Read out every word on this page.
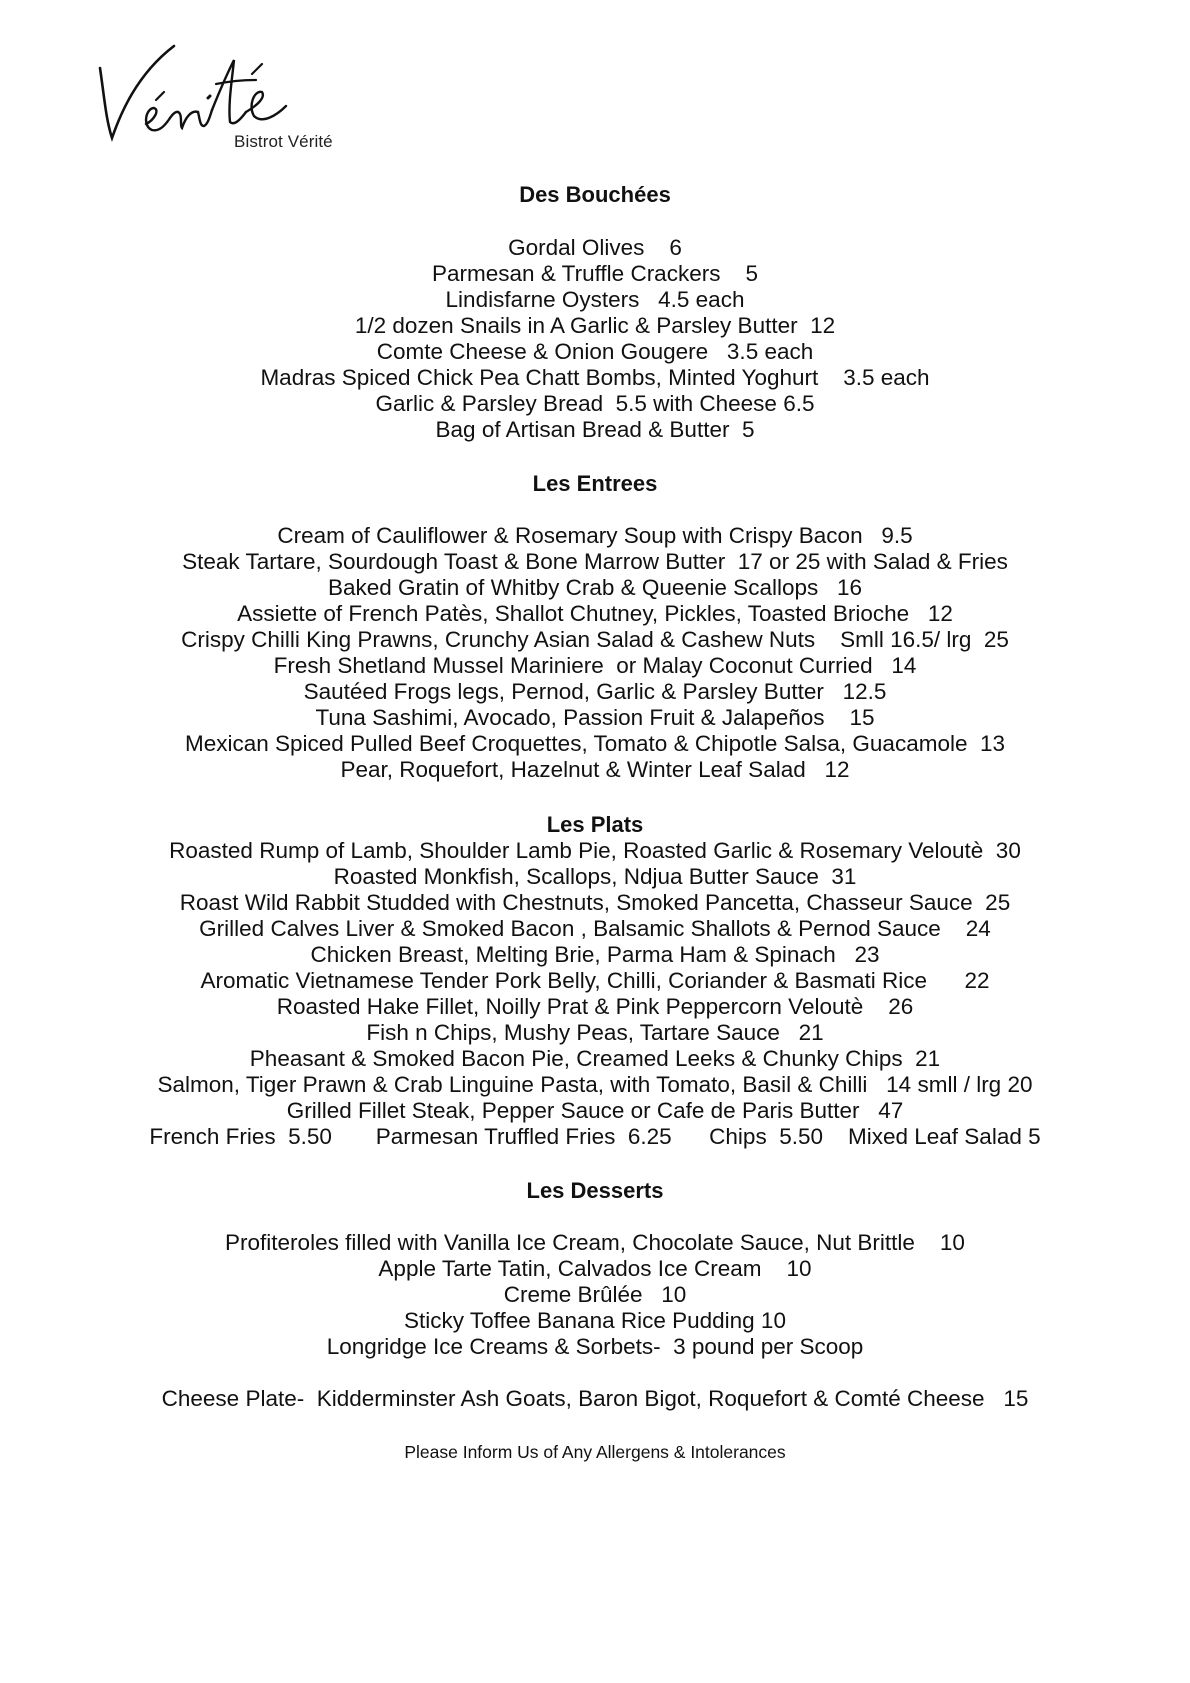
Bistrot Vérité
Des Bouchées
Gordal Olives    6
Parmesan & Truffle Crackers    5
Lindisfarne Oysters   4.5 each
1/2 dozen Snails in A Garlic & Parsley Butter  12
Comte Cheese & Onion Gougere   3.5 each
Madras Spiced Chick Pea Chatt Bombs, Minted Yoghurt    3.5 each
Garlic & Parsley Bread  5.5 with Cheese 6.5
Bag of Artisan Bread & Butter  5
Les Entrees
Cream of Cauliflower & Rosemary Soup with Crispy Bacon   9.5
Steak Tartare, Sourdough Toast & Bone Marrow Butter  17 or 25 with Salad & Fries
Baked Gratin of Whitby Crab & Queenie Scallops   16
Assiette of French Patès, Shallot Chutney, Pickles, Toasted Brioche   12
Crispy Chilli King Prawns, Crunchy Asian Salad & Cashew Nuts    Smll 16.5/ lrg  25
Fresh Shetland Mussel Mariniere  or Malay Coconut Curried   14
Sautéed Frogs legs, Pernod, Garlic & Parsley Butter   12.5
Tuna Sashimi, Avocado, Passion Fruit & Jalapeños    15
Mexican Spiced Pulled Beef Croquettes, Tomato & Chipotle Salsa, Guacamole  13
Pear, Roquefort, Hazelnut & Winter Leaf Salad   12
Les Plats
Roasted Rump of Lamb, Shoulder Lamb Pie, Roasted Garlic & Rosemary Veloutè  30
Roasted Monkfish, Scallops, Ndjua Butter Sauce  31
Roast Wild Rabbit Studded with Chestnuts, Smoked Pancetta, Chasseur Sauce  25
Grilled Calves Liver & Smoked Bacon , Balsamic Shallots & Pernod Sauce    24
Chicken Breast, Melting Brie, Parma Ham & Spinach   23
Aromatic Vietnamese Tender Pork Belly, Chilli, Coriander & Basmati Rice      22
Roasted Hake Fillet, Noilly Prat & Pink Peppercorn Veloutè    26
Fish n Chips, Mushy Peas, Tartare Sauce   21
Pheasant & Smoked Bacon Pie, Creamed Leeks & Chunky Chips  21
Salmon, Tiger Prawn & Crab Linguine Pasta, with Tomato, Basil & Chilli   14 smll / lrg 20
Grilled Fillet Steak, Pepper Sauce or Cafe de Paris Butter   47
French Fries  5.50       Parmesan Truffled Fries  6.25      Chips  5.50    Mixed Leaf Salad 5
Les Desserts
Profiteroles filled with Vanilla Ice Cream, Chocolate Sauce, Nut Brittle    10
Apple Tarte Tatin, Calvados Ice Cream    10
Creme Brûlée   10
Sticky Toffee Banana Rice Pudding 10
Longridge Ice Creams & Sorbets-  3 pound per Scoop
Cheese Plate-  Kidderminster Ash Goats, Baron Bigot, Roquefort & Comté Cheese   15
Please Inform Us of Any Allergens & Intolerances
